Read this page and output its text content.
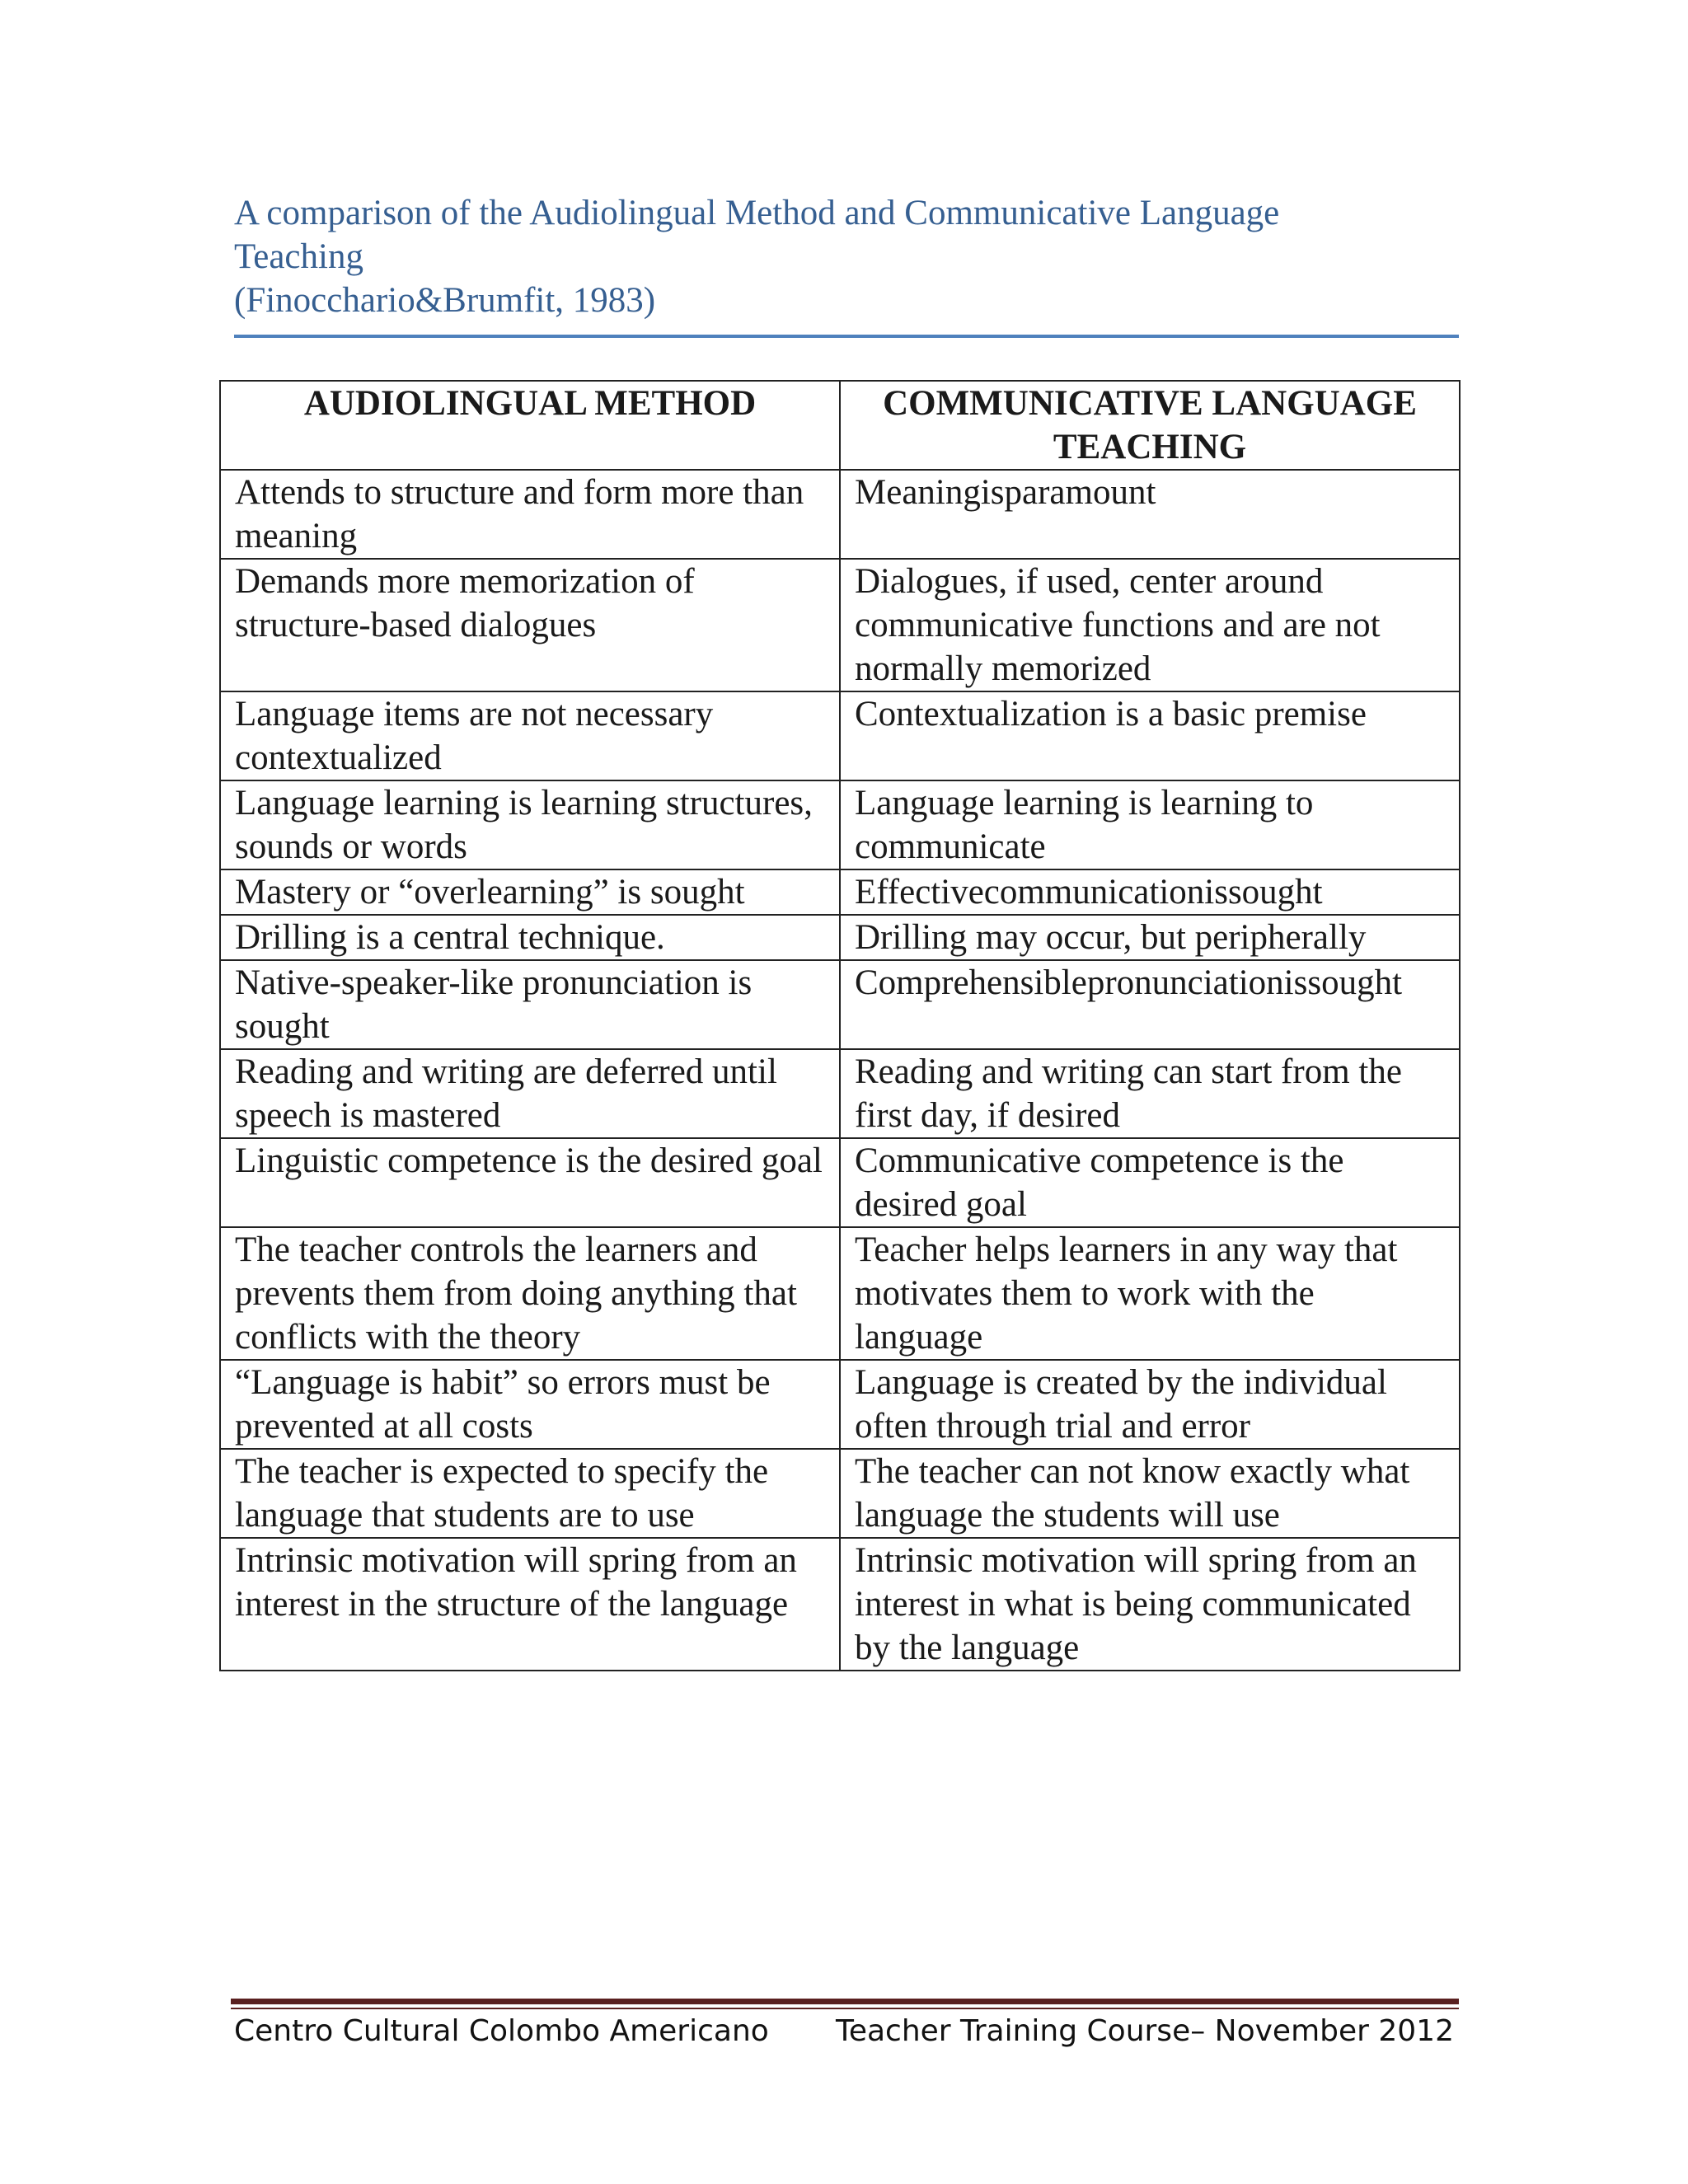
A comparison of the Audiolingual Method and Communicative Language
Teaching
(Finocchario&Brumfit, 1983)
AUDIOLINGUAL METHOD	COMMUNICATIVE LANGUAGE TEACHING
Attends to structure and form more than meaning	Meaningisparamount
Demands more memorization of structure-based dialogues	Dialogues, if used, center around communicative functions and are not normally memorized
Language items are not necessary contextualized	Contextualization is a basic premise
Language learning is learning structures, sounds or words	Language learning is learning to communicate
Mastery or “overlearning” is sought	Effectivecommunicationissought
Drilling is a central technique.	Drilling may occur, but peripherally
Native-speaker-like pronunciation is sought	Comprehensiblepronunciationissought
Reading and writing are deferred until speech is mastered	Reading and writing can start from the first day, if desired
Linguistic competence is the desired goal	Communicative competence is the desired goal
The teacher controls the learners and prevents them from doing anything that conflicts with the theory	Teacher helps learners in any way that motivates them to work with the language
“Language is habit” so errors must be prevented at all costs	Language is created by the individual often through trial and error
The teacher is expected to specify the language that students are to use	The teacher can not know exactly what language the students will use
Intrinsic motivation will spring from an interest in the structure of the language	Intrinsic motivation will spring from an interest in what is being communicated by the language
Centro Cultural Colombo Americano Teacher Training Course– November 2012
